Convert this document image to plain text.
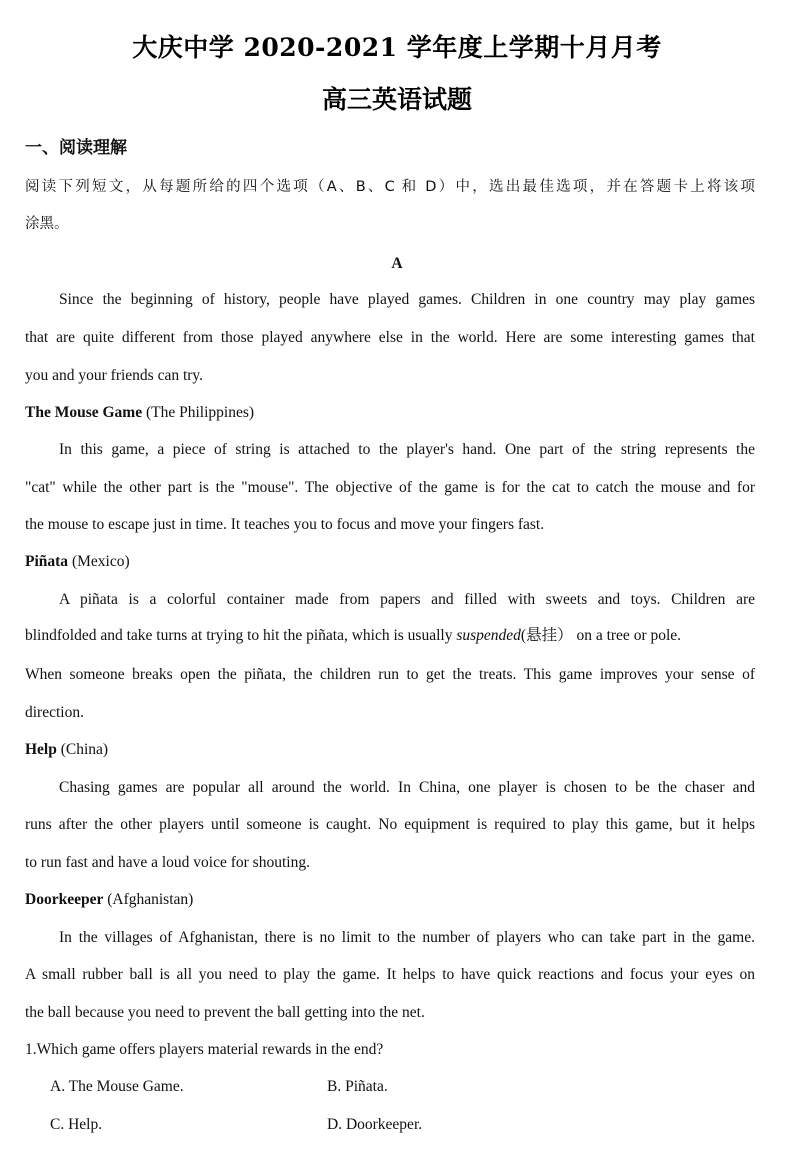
大庆中学 2020-2021 学年度上学期十月月考
高三英语试题
一、阅读理解
阅读下列短文，从每题所给的四个选项（A、B、C 和 D）中，选出最佳选项，并在答题卡上将该项
涂黑。
A
Since the beginning of history, people have played games. Children in one country may play games
that are quite different from those played anywhere else in the world. Here are some interesting games that
you and your friends can try.
The Mouse Game (The Philippines)
In this game, a piece of string is attached to the player's hand. One part of the string represents the
"cat" while the other part is the "mouse". The objective of the game is for the cat to catch the mouse and for
the mouse to escape just in time. It teaches you to focus and move your fingers fast.
Piñata (Mexico)
A piñata is a colorful container made from papers and filled with sweets and toys. Children are
blindfolded and take turns at trying to hit the piñata, which is usually suspended(悬挂） on a tree or pole.
When someone breaks open the piñata, the children run to get the treats. This game improves your sense of
direction.
Help (China)
Chasing games are popular all around the world. In China, one player is chosen to be the chaser and
runs after the other players until someone is caught. No equipment is required to play this game, but it helps
to run fast and have a loud voice for shouting.
Doorkeeper (Afghanistan)
In the villages of Afghanistan, there is no limit to the number of players who can take part in the game.
A small rubber ball is all you need to play the game. It helps to have quick reactions and focus your eyes on
the ball because you need to prevent the ball getting into the net.
1.Which game offers players material rewards in the end?
A. The Mouse Game.	B. Piñata.
C. Help.	D. Doorkeeper.
